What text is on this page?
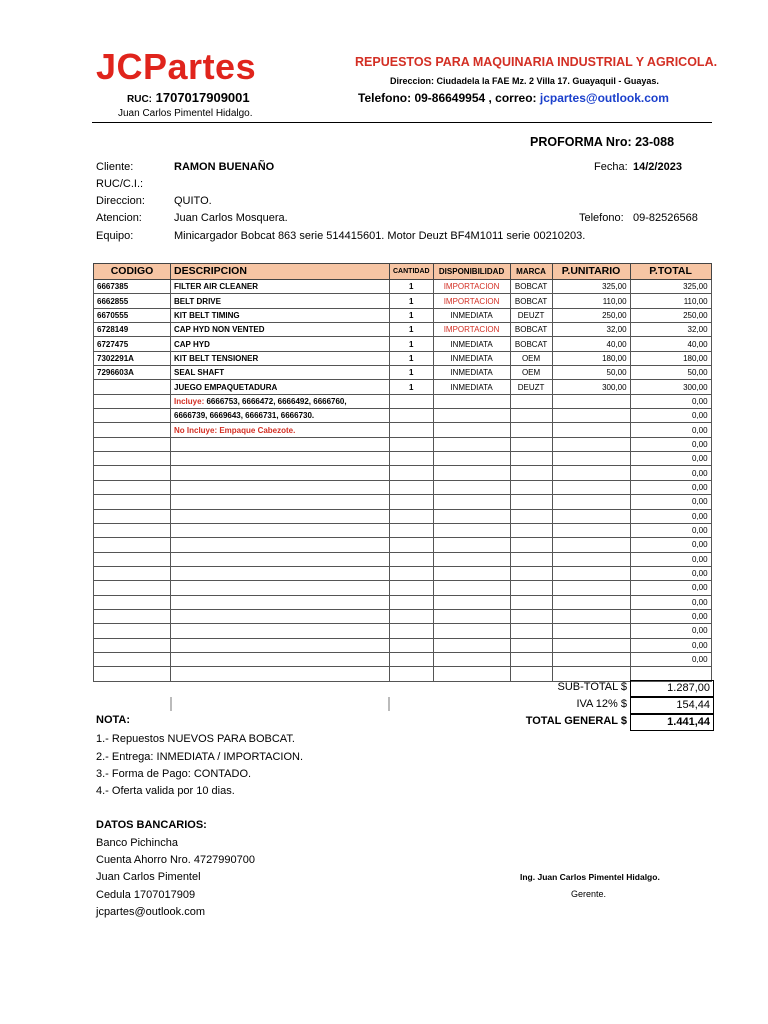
JCPartes
RUC: 1707017909001
Juan Carlos Pimentel Hidalgo.
REPUESTOS PARA MAQUINARIA INDUSTRIAL Y AGRICOLA.
Direccion: Ciudadela la FAE Mz. 2 Villa 17. Guayaquil - Guayas.
Telefono: 09-86649954 , correo: jcpartes@outlook.com
PROFORMA Nro: 23-088
Cliente:	RAMON BUENAÑO	Fecha: 14/2/2023
RUC/C.I.:
Direccion:	QUITO.
Atencion:	Juan Carlos Mosquera.	Telefono: 09-82526568
Equipo:	Minicargador Bobcat 863 serie 514415601. Motor Deuzt BF4M1011 serie 00210203.
CODIGO	DESCRIPCION	CANTIDAD	DISPONIBILIDAD	MARCA	P.UNITARIO	P.TOTAL
6667385	FILTER AIR CLEANER	1	IMPORTACION	BOBCAT	325,00	325,00
6662855	BELT DRIVE	1	IMPORTACION	BOBCAT	110,00	110,00
6670555	KIT BELT TIMING	1	INMEDIATA	DEUZT	250,00	250,00
6728149	CAP HYD NON VENTED	1	IMPORTACION	BOBCAT	32,00	32,00
6727475	CAP HYD	1	INMEDIATA	BOBCAT	40,00	40,00
7302291A	KIT BELT TENSIONER	1	INMEDIATA	OEM	180,00	180,00
7296603A	SEAL SHAFT	1	INMEDIATA	OEM	50,00	50,00
	JUEGO EMPAQUETADURA	1	INMEDIATA	DEUZT	300,00	300,00
	Incluye: 6666753, 6666472, 6666492, 6666760,					0,00
	6666739, 6669643, 6666731, 6666730.					0,00
	No Incluye: Empaque Cabezote.					0,00
						0,00
						0,00
						0,00
						0,00
						0,00
						0,00
						0,00
						0,00
						0,00
						0,00
						0,00
						0,00
						0,00
						0,00
						0,00
						0,00

SUB-TOTAL $	1.287,00
IVA 12% $	154,44
TOTAL GENERAL $	1.441,44
NOTA:
1.- Repuestos NUEVOS PARA BOBCAT.
2.- Entrega: INMEDIATA / IMPORTACION.
3.- Forma de Pago: CONTADO.
4.- Oferta valida por 10 dias.
DATOS BANCARIOS:
Banco Pichincha
Cuenta Ahorro Nro. 4727990700
Juan Carlos Pimentel
Cedula 1707017909
jcpartes@outlook.com
Ing. Juan Carlos Pimentel Hidalgo.
Gerente.
